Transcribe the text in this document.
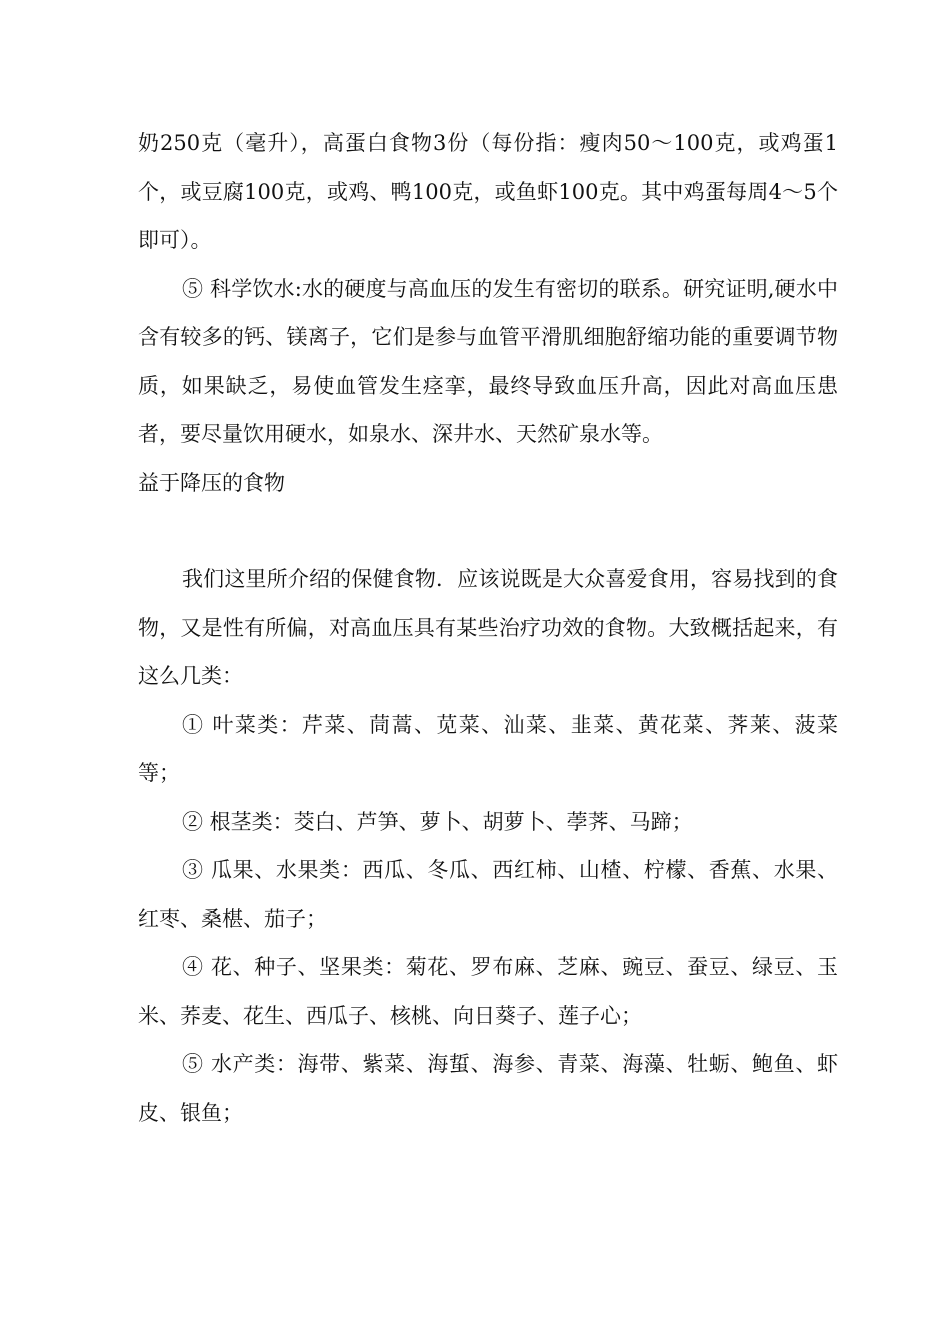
奶250克（毫升），高蛋白食物3份（每份指：瘦肉50〜100克，或鸡蛋1个，或豆腐100克，或鸡、鸭100克，或鱼虾100克。其中鸡蛋每周4〜5个即可）。

⑤ 科学饮水:水的硬度与高血压的发生有密切的联系。研究证明,硬水中含有较多的钙、镁离子，它们是参与血管平滑肌细胞舒缩功能的重要调节物质，如果缺乏，易使血管发生痉挛，最终导致血压升高，因此对高血压患者，要尽量饮用硬水，如泉水、深井水、天然矿泉水等。

益于降压的食物

我们这里所介绍的保健食物．应该说既是大众喜爱食用，容易找到的食物，又是性有所偏，对高血压具有某些治疗功效的食物。大致概括起来，有这么几类：

① 叶菜类：芹菜、茼蒿、苋菜、汕菜、韭菜、黄花菜、荠莱、菠菜等；

② 根茎类：茭白、芦笋、萝卜、胡萝卜、荸荠、马蹄；

③ 瓜果、水果类：西瓜、冬瓜、西红柿、山楂、柠檬、香蕉、水果、红枣、桑椹、茄子；

④ 花、种子、坚果类：菊花、罗布麻、芝麻、豌豆、蚕豆、绿豆、玉米、荞麦、花生、西瓜子、核桃、向日葵子、莲子心；

⑤ 水产类：海带、紫菜、海蜇、海参、青菜、海藻、牡蛎、鲍鱼、虾皮、银鱼；
